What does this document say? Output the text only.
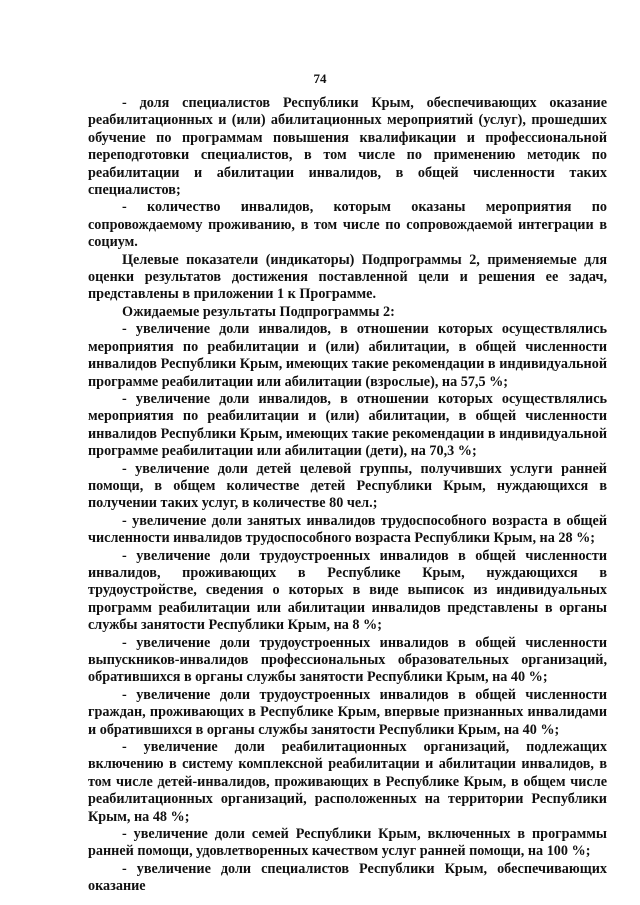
74

- доля специалистов Республики Крым, обеспечивающих оказание реабилитационных и (или) абилитационных мероприятий (услуг), прошедших обучение по программам повышения квалификации и профессиональной переподготовки специалистов, в том числе по применению методик по реабилитации и абилитации инвалидов, в общей численности таких специалистов;

- количество инвалидов, которым оказаны мероприятия по сопровождаемому проживанию, в том числе по сопровождаемой интеграции в социум.

Целевые показатели (индикаторы) Подпрограммы 2, применяемые для оценки результатов достижения поставленной цели и решения ее задач, представлены в приложении 1 к Программе.

Ожидаемые результаты Подпрограммы 2:

- увеличение доли инвалидов, в отношении которых осуществлялись мероприятия по реабилитации и (или) абилитации, в общей численности инвалидов Республики Крым, имеющих такие рекомендации в индивидуальной программе реабилитации или абилитации (взрослые), на 57,5 %;

- увеличение доли инвалидов, в отношении которых осуществлялись мероприятия по реабилитации и (или) абилитации, в общей численности инвалидов Республики Крым, имеющих такие рекомендации в индивидуальной программе реабилитации или абилитации (дети), на 70,3 %;

- увеличение доли детей целевой группы, получивших услуги ранней помощи, в общем количестве детей Республики Крым, нуждающихся в получении таких услуг, в количестве 80 чел.;

- увеличение доли занятых инвалидов трудоспособного возраста в общей численности инвалидов трудоспособного возраста Республики Крым, на 28 %;

- увеличение доли трудоустроенных инвалидов в общей численности инвалидов, проживающих в Республике Крым, нуждающихся в трудоустройстве, сведения о которых в виде выписок из индивидуальных программ реабилитации или абилитации инвалидов представлены в органы службы занятости Республики Крым, на 8 %;

- увеличение доли трудоустроенных инвалидов в общей численности выпускников-инвалидов профессиональных образовательных организаций, обратившихся в органы службы занятости Республики Крым, на 40 %;

- увеличение доли трудоустроенных инвалидов в общей численности граждан, проживающих в Республике Крым, впервые признанных инвалидами и обратившихся в органы службы занятости Республики Крым, на 40 %;

- увеличение доли реабилитационных организаций, подлежащих включению в систему комплексной реабилитации и абилитации инвалидов, в том числе детей-инвалидов, проживающих в Республике Крым, в общем числе реабилитационных организаций, расположенных на территории Республики Крым, на 48 %;

- увеличение доли семей Республики Крым, включенных в программы ранней помощи, удовлетворенных качеством услуг ранней помощи, на 100 %;

- увеличение доли специалистов Республики Крым, обеспечивающих оказание
